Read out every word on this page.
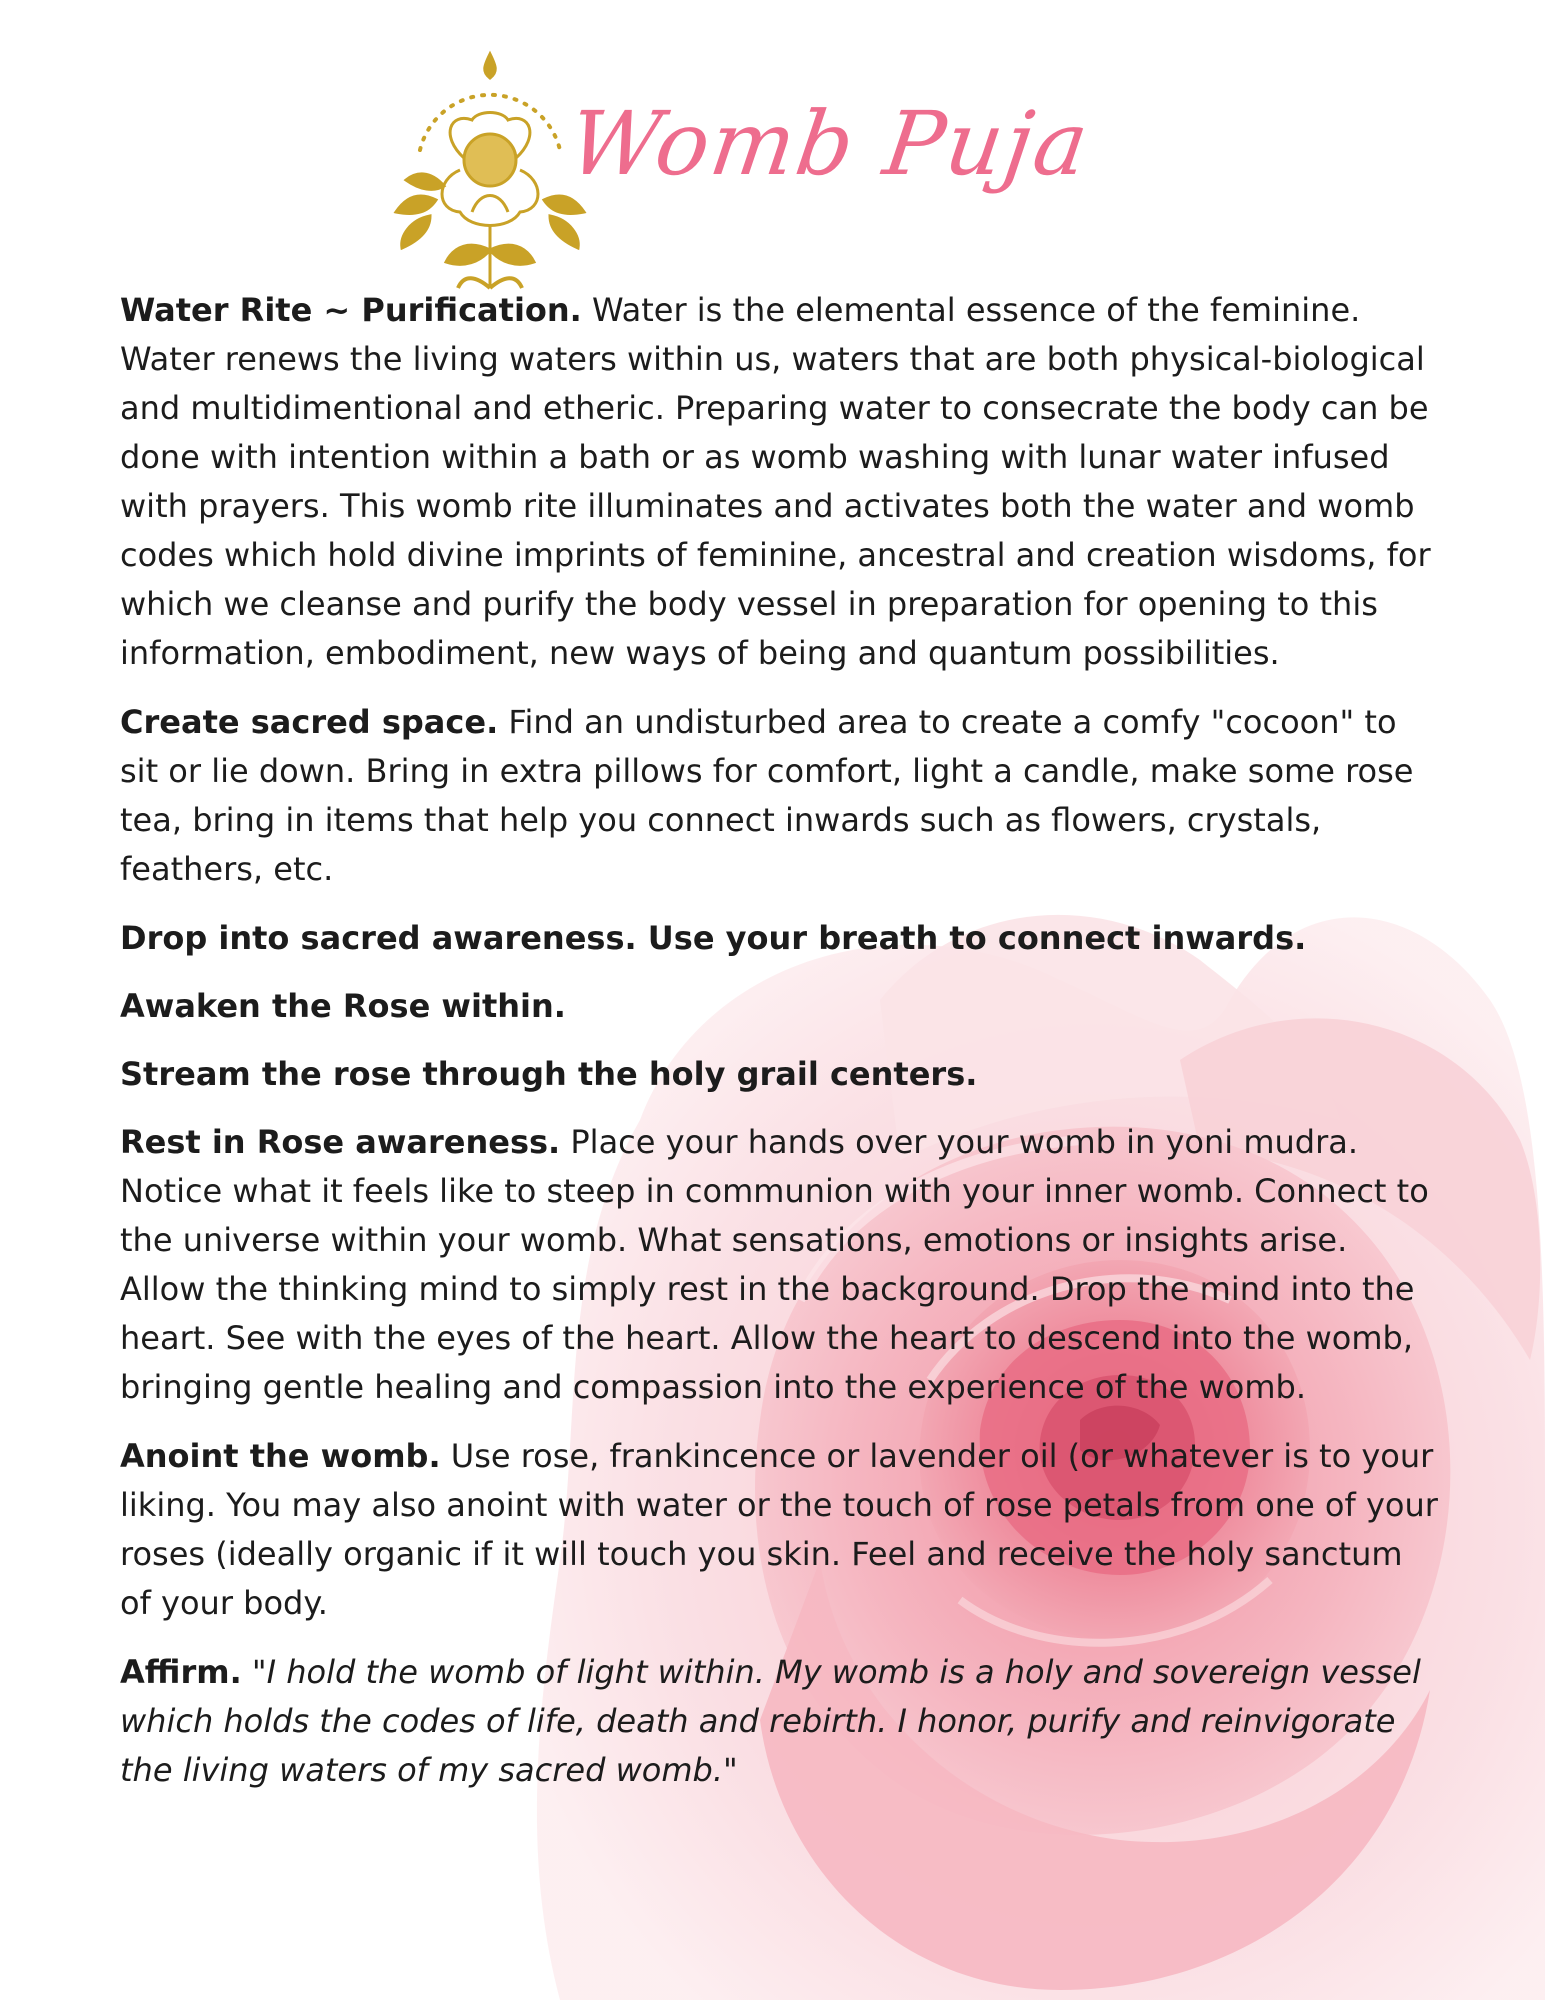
Womb Puja

Water Rite ~ Purification. Water is the elemental essence of the feminine. Water renews the living waters within us, waters that are both physical-biological and multidimentional and etheric. Preparing water to consecrate the body can be done with intention within a bath or as womb washing with lunar water infused with prayers. This womb rite illuminates and activates both the water and womb codes which hold divine imprints of feminine, ancestral and creation wisdoms, for which we cleanse and purify the body vessel in preparation for opening to this information, embodiment, new ways of being and quantum possibilities.

Create sacred space. Find an undisturbed area to create a comfy "cocoon" to sit or lie down. Bring in extra pillows for comfort, light a candle, make some rose tea, bring in items that help you connect inwards such as flowers, crystals, feathers, etc.

Drop into sacred awareness. Use your breath to connect inwards.

Awaken the Rose within.

Stream the rose through the holy grail centers.

Rest in Rose awareness. Place your hands over your womb in yoni mudra. Notice what it feels like to steep in communion with your inner womb. Connect to the universe within your womb. What sensations, emotions or insights arise. Allow the thinking mind to simply rest in the background. Drop the mind into the heart. See with the eyes of the heart. Allow the heart to descend into the womb, bringing gentle healing and compassion into the experience of the womb.

Anoint the womb. Use rose, frankincence or lavender oil (or whatever is to your liking. You may also anoint with water or the touch of rose petals from one of your roses (ideally organic if it will touch you skin. Feel and receive the holy sanctum of your body.

Affirm. "I hold the womb of light within. My womb is a holy and sovereign vessel which holds the codes of life, death and rebirth. I honor, purify and reinvigorate the living waters of my sacred womb."
